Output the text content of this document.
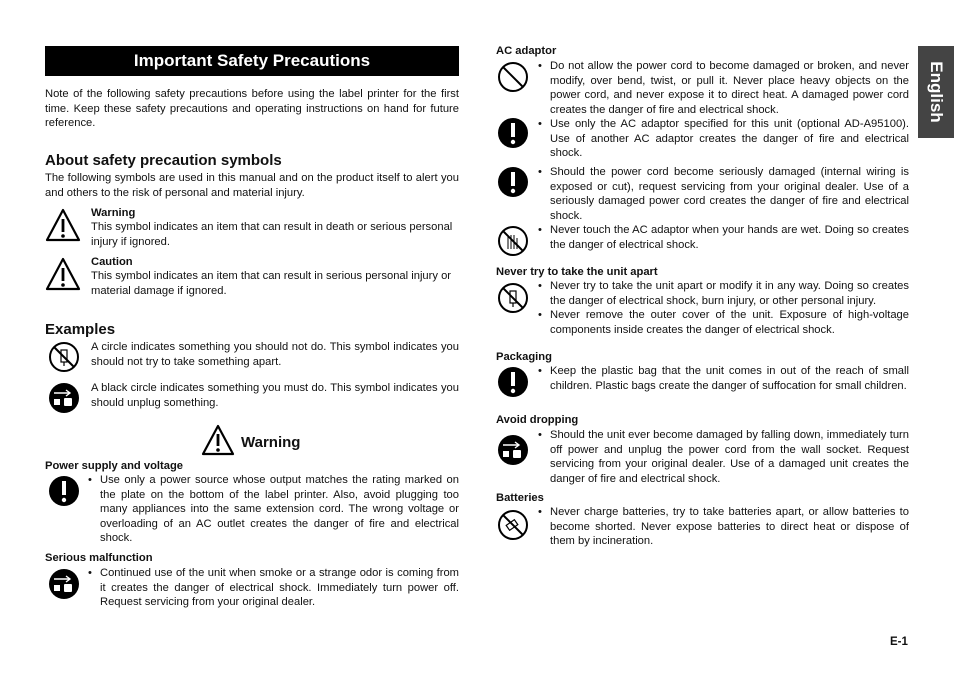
Important Safety Precautions
Note of the following safety precautions before using the label printer for the first time. Keep these safety precautions and operating instructions on hand for future reference.
About safety precaution symbols
The following symbols are used in this manual and on the product itself to alert you and others to the risk of personal and material injury.
Warning
This symbol indicates an item that can result in death or serious personal injury if ignored.
Caution
This symbol indicates an item that can result in serious personal injury or material damage if ignored.
Examples
A circle indicates something you should not do. This symbol indicates you should not try to take something apart.
A black circle indicates something you must do. This symbol indicates you should unplug something.
Warning
Power supply and voltage
• Use only a power source whose output matches the rating marked on the plate on the bottom of the label printer. Also, avoid plugging too many appliances into the same extension cord. The wrong voltage or overloading of an AC outlet creates the danger of fire and electrical shock.
Serious malfunction
• Continued use of the unit when smoke or a strange odor is coming from it creates the danger of electrical shock. Immediately turn power off. Request servicing from your original dealer.
AC adaptor
• Do not allow the power cord to become damaged or broken, and never modify, over bend, twist, or pull it. Never place heavy objects on the power cord, and never expose it to direct heat. A damaged power cord creates the danger of fire and electrical shock.
• Use only the AC adaptor specified for this unit (optional AD-A95100). Use of another AC adaptor creates the danger of fire and electrical shock.
• Should the power cord become seriously damaged (internal wiring is exposed or cut), request servicing from your original dealer. Use of a seriously damaged power cord creates the danger of fire and electrical shock.
• Never touch the AC adaptor when your hands are wet. Doing so creates the danger of electrical shock.
Never try to take the unit apart
• Never try to take the unit apart or modify it in any way. Doing so creates the danger of electrical shock, burn injury, or other personal injury.
• Never remove the outer cover of the unit. Exposure of high-voltage components inside creates the danger of electrical shock.
Packaging
• Keep the plastic bag that the unit comes in out of the reach of small children. Plastic bags create the danger of suffocation for small children.
Avoid dropping
• Should the unit ever become damaged by falling down, immediately turn off power and unplug the power cord from the wall socket. Request servicing from your original dealer. Use of a damaged unit creates the danger of fire and electrical shock.
Batteries
• Never charge batteries, try to take batteries apart, or allow batteries to become shorted. Never expose batteries to direct heat or dispose of them by incineration.
English
E-1
